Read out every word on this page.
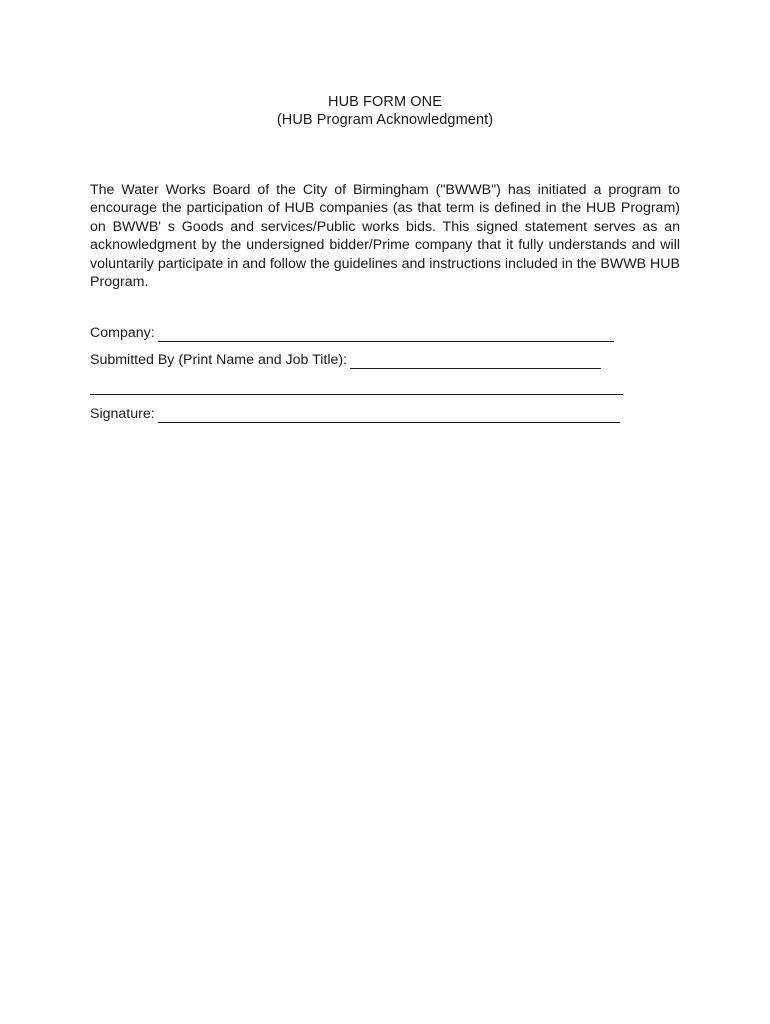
HUB FORM ONE
(HUB Program Acknowledgment)
The Water Works Board of the City of Birmingham ("BWWB") has initiated a program to encourage the participation of HUB companies (as that term is defined in the HUB Program) on BWWB' s Goods and services/Public works bids. This signed statement serves as an acknowledgment by the undersigned bidder/Prime company that it fully understands and will voluntarily participate in and follow the guidelines and instructions included in the BWWB HUB Program.
Company:
Submitted By (Print Name and Job Title):
Signature:
